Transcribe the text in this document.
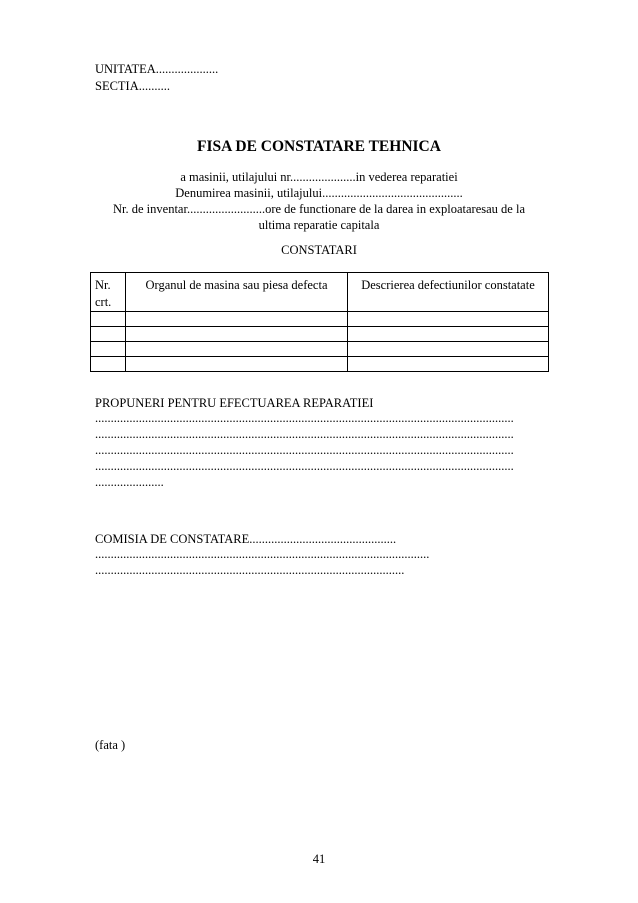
UNITATEA....................
SECTIA..........
FISA DE CONSTATARE TEHNICA
a masinii, utilajului nr.....................in vederea reparatiei
Denumirea masinii, utilajului.............................................
Nr. de inventar.........................ore de functionare de la darea in exploataresau de la
ultima reparatie capitala
CONSTATARI
Nr. crt.	Organul de masina sau piesa defecta	Descrierea defectiunilor constatate

PROPUNERI PENTRU EFECTUAREA REPARATIEI
......................................................................................................................................
......................................................................................................................................
......................................................................................................................................
......................................................................................................................................
......................
COMISIA DE CONSTATARE...............................................
...........................................................................................................
...................................................................................................
(fata )
41
